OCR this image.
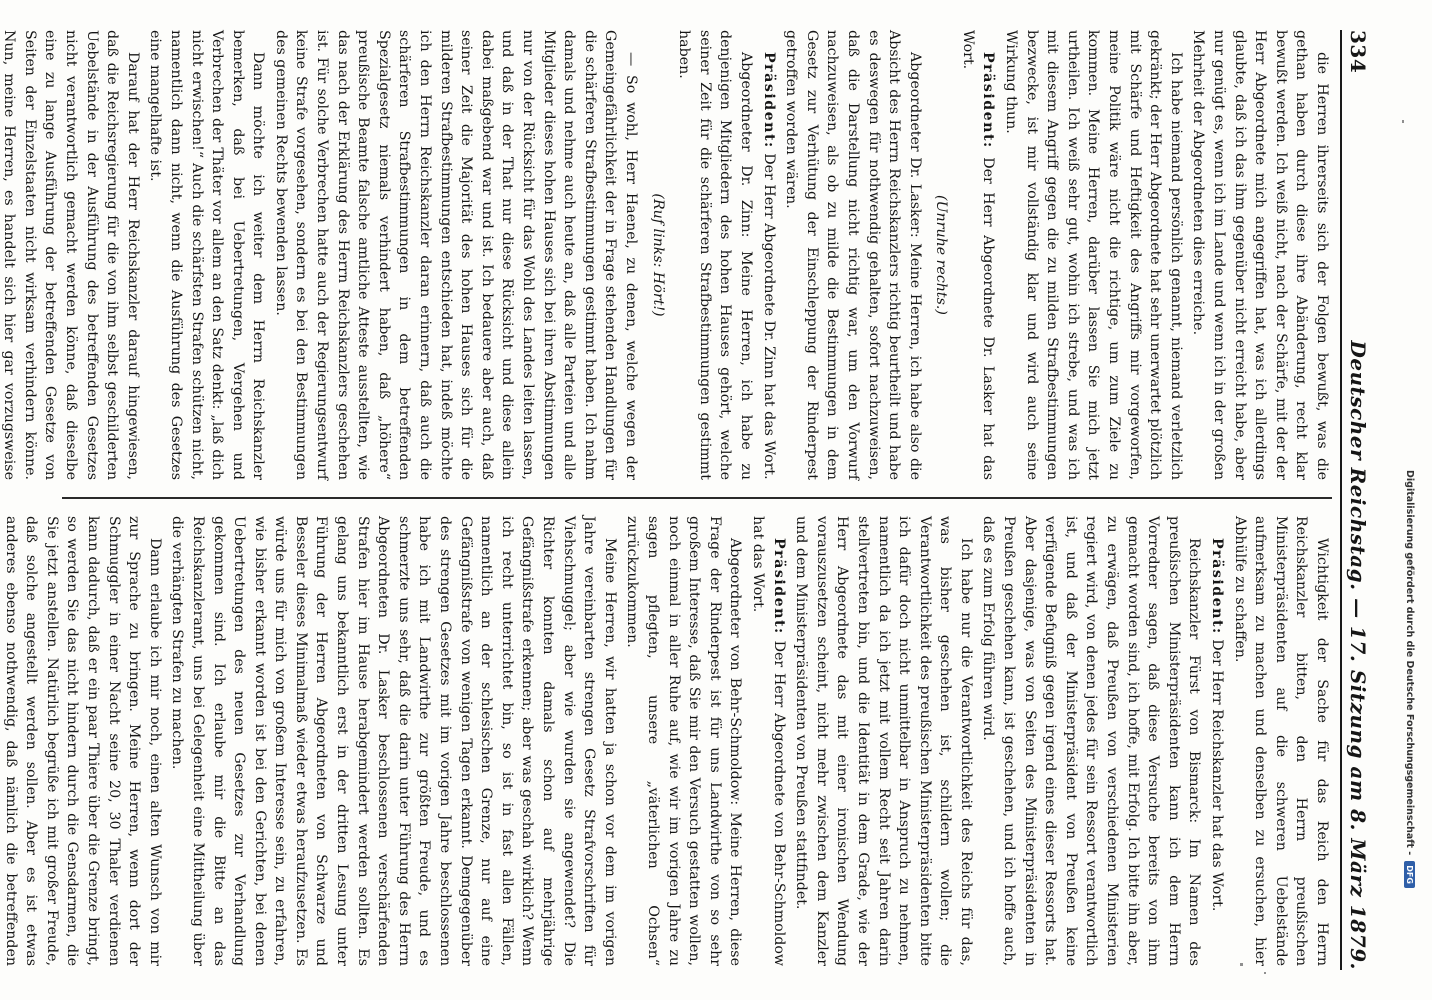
334
Deutscher Reichstag. — 17. Sitzung am 8. März 1879.

die Herren ihrerseits sich der Folgen bewußt, was die gethan haben durch diese ihre Abänderung, recht klar bewußt werden. Ich weiß nicht, nach der Schärfe, mit der der Herr Abgeordnete mich angegriffen hat, was ich allerdings glaubte, daß ich das ihm gegenüber nicht erreicht habe, aber nur genügt es, wenn ich im Lande und wenn ich in der großen Mehrheit der Abgeordneten dies erreiche.

Ich habe niemand persönlich genannt, niemand verletzlich gekränkt; der Herr Abgeordnete hat sehr unerwartet plötzlich mit Schärfe und Heftigkeit des Angriffs mir vorgeworfen, meine Politik wäre nicht die richtige, um zum Ziele zu kommen. Meine Herren, darüber lassen Sie mich jetzt urtheilen. Ich weiß sehr gut, wohin ich strebe, und was ich mit diesem Angriff gegen die zu milden Strafbestimmungen bezwecke, ist mir vollständig klar und wird auch seine Wirkung thun.

Präsident: Der Herr Abgeordnete Dr. Lasker hat das Wort.

(Unruhe rechts.)

Abgeordneter Dr. Lasker: Meine Herren, ich habe also die Absicht des Herrn Reichskanzlers richtig beurtheilt und habe es deswegen für nothwendig gehalten, sofort nachzuweisen, daß die Darstellung nicht richtig war, um den Vorwurf nachzuweisen, als ob zu milde die Bestimmungen in dem Gesetz zur Verhütung der Einschleppung der Rinderpest getroffen worden wären.

Präsident: Der Herr Abgeordnete Dr. Zinn hat das Wort.

Abgeordneter Dr. Zinn: Meine Herren, ich habe zu denjenigen Mitgliedern des hohen Hauses gehört, welche seiner Zeit für die schärferen Strafbestimmungen gestimmt haben.

(Ruf links: Hört!)

— So wohl, Herr Haenel, zu denen, welche wegen der Gemeingefährlichkeit der in Frage stehenden Handlungen für die schärferen Strafbestimmungen gestimmt haben. Ich nahm damals und nehme auch heute an, daß alle Parteien und alle Mitglieder dieses hohen Hauses sich bei ihren Abstimmungen nur von der Rücksicht für das Wohl des Landes leiten lassen, und daß in der That nur diese Rücksicht und diese allein dabei maßgebend war und ist. Ich bedauere aber auch, daß seiner Zeit die Majorität des hohen Hauses sich für die milderen Strafbestimmungen entschieden hat, indeß möchte ich den Herrn Reichskanzler daran erinnern, daß auch die schärferen Strafbestimmungen in dem betreffenden Spezialgesetz niemals verhindert haben, daß „höhere“ preußische Beamte falsche amtliche Atteste ausstellten, wie das nach der Erklärung des Herrn Reichskanzlers geschehen ist. Für solche Verbrechen hatte auch der Regierungsentwurf keine Strafe vorgesehen, sondern es bei den Bestimmungen des gemeinen Rechts bewenden lassen.

Dann möchte ich weiter dem Herrn Reichskanzler bemerken, daß bei Uebertretungen, Vergehen und Verbrechen der Thäter vor allem an den Satz denkt: „laß dich nicht erwischen!“ Auch die schärfsten Strafen schützen nicht, namentlich dann nicht, wenn die Ausführung des Gesetzes eine mangelhafte ist.

Darauf hat der Herr Reichskanzler darauf hingewiesen, daß die Reichsregierung für die von ihm selbst geschilderten Uebelstände in der Ausführung des betreffenden Gesetzes nicht verantwortlich gemacht werden könne, daß dieselbe eine zu lange Ausführung der betreffenden Gesetze von Seiten der Einzelstaaten nicht wirksam verhindern könne. Nun, meine Herren, es handelt sich hier gar vorzugsweise

Wichtigkeit der Sache für das Reich den Herrn Reichskanzler bitten, den Herrn preußischen Ministerpräsidenten auf die schweren Uebelstände aufmerksam zu machen und denselben zu ersuchen, hier Abhülfe zu schaffen.

Präsident: Der Herr Reichskanzler hat das Wort.

Reichskanzler Fürst von Bismarck: Im Namen des preußischen Ministerpräsidenten kann ich dem Herrn Vorredner sagen, daß diese Versuche bereits von ihm gemacht worden sind, ich hoffe, mit Erfolg. Ich bitte ihn aber, zu erwägen, daß Preußen von verschiedenen Ministerien regiert wird, von denen jedes für sein Ressort verantwortlich ist, und daß der Ministerpräsident von Preußen keine verfügende Befugniß gegen irgend eines dieser Ressorts hat. Aber dasjenige, was von Seiten des Ministerpräsidenten in Preußen geschehen kann, ist geschehen, und ich hoffe auch, daß es zum Erfolg führen wird.

Ich habe nur die Verantwortlichkeit des Reichs für das, was bisher geschehen ist, schildern wollen; die Verantwortlichkeit des preußischen Ministerpräsidenten bitte ich dafür doch nicht unmittelbar in Anspruch zu nehmen, namentlich da ich jetzt mit vollem Recht seit Jahren darin stellvertreten bin, und die Identität in dem Grade, wie der Herr Abgeordnete das mit einer ironischen Wendung vorauszusetzen scheint, nicht mehr zwischen dem Kanzler und dem Ministerpräsidenten von Preußen stattfindet.

Präsident: Der Herr Abgeordnete von Behr-Schmoldow hat das Wort.

Abgeordneter von Behr-Schmoldow: Meine Herren, diese Frage der Rinderpest ist für uns Landwirthe von so sehr großem Interesse, daß Sie mir den Versuch gestatten wollen, noch einmal in aller Ruhe auf, wie wir im vorigen Jahre zu sagen pflegten, unsere „väterlichen Ochsen“ zurückzukommen.

Meine Herren, wir hatten ja schon vor dem im vorigen Jahre vereinbarten strengen Gesetz Strafvorschriften für Viehschmuggel; aber wie wurden sie angewendet? Die Richter konnten damals schon auf mehrjährige Gefängnißstrafe erkennen; aber was geschah wirklich? Wenn ich recht unterrichtet bin, so ist in fast allen Fällen, namentlich an der schlesischen Grenze, nur auf eine Gefängnißstrafe von wenigen Tagen erkannt. Demgegenüber des strengen Gesetzes mit im vorigen Jahre beschlossenen habe ich mit Landwirthe zur größten Freude, und es schmerzte uns sehr, daß die darin unter Führung des Herrn Abgeordneten Dr. Lasker beschlossenen verschärfenden Strafen hier im Hause herabgemindert werden sollten. Es gelang uns bekanntlich erst in der dritten Lesung unter Führung der Herren Abgeordneten von Schwarze und Besseler dieses Minimalmaß wieder etwas heraufzusetzen. Es würde uns für mich von großem Interesse sein, zu erfahren, wie bisher erkannt worden ist bei den Gerichten, bei denen Uebertretungen des neuen Gesetzes zur Verhandlung gekommen sind. Ich erlaube mir die Bitte an das Reichskanzleramt, uns bei Gelegenheit eine Mittheilung über die verhängten Strafen zu machen.

Dann erlaube ich mir noch, einen alten Wunsch von mir zur Sprache zu bringen. Meine Herren, wenn dort der Schmuggler in einer Nacht seine 20, 30 Thaler verdienen kann dadurch, daß er ein paar Thiere über die Grenze bringt, so werden Sie das nicht hindern durch die Gensdarmen, die Sie jetzt anstellen. Natürlich begrüße ich mit großer Freude, daß solche angestellt werden sollen. Aber es ist etwas anderes ebenso nothwendig, daß nämlich die betreffenden

Digitalisierung gefördert durch die Deutsche Forschungsgemeinschaft -
DFG
